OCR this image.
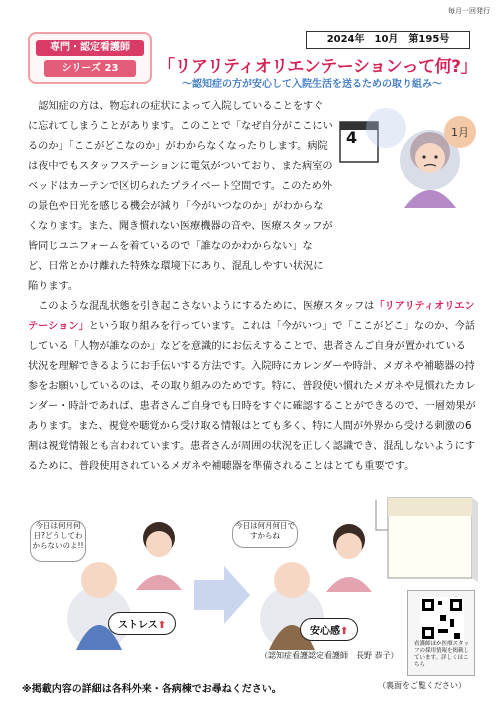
毎月一回発行
専門・認定看護師
シリーズ 23
2024年　10月　第195号
「リアリティオリエンテーションって何?」
～認知症の方が安心して入院生活を送るための取り組み～
4	1月

認知症の方は、物忘れの症状によって入院していることをすぐに忘れてしまうことがあります。このことで「なぜ自分がここにいるのか」「ここがどこなのか」がわからなくなったりします。病院は夜中でもスタッフステーションに電気がついており、また病室のベッドはカーテンで区切られたプライベート空間です。このため外の景色や日光を感じる機会が減り「今がいつなのか」がわからなくなります。また、聞き慣れない医療機器の音や、医療スタッフが皆同じユニフォームを着ているので「誰なのかわからない」など、日常とかけ離れた特殊な環境下にあり、混乱しやすい状況に陥ります。

このような混乱状態を引き起こさないようにするために、医療スタッフは「リアリティオリエンテーション」という取り組みを行っています。これは「今がいつ」で「ここがどこ」なのか、今話している「人物が誰なのか」などを意識的にお伝えすることで、患者さんご自身が置かれている状況を理解できるようにお手伝いする方法です。入院時にカレンダーや時計、メガネや補聴器の持参をお願いしているのは、その取り組みのためです。特に、普段使い慣れたメガネや見慣れたカレンダー・時計であれば、患者さんご自身でも日時をすぐに確認することができるので、一層効果があります。また、視覚や聴覚から受け取る情報はとても多く、特に人間が外界から受ける刺激の6割は視覚情報とも言われています。患者さんが周囲の状況を正しく認識でき、混乱しないようにするために、普段使用されているメガネや補聴器を準備されることはとても重要です。

今日は何月何日?どうしてわからないのよ!!
ストレス⬆
今日は何月何日ですからね
安心感⬆
（認知症看護認定看護師　長野 恭子）
看護師ほか医療スタッフの採用情報を掲載しています。詳しくはこちら
※掲載内容の詳細は各科外来・各病棟でお尋ねください。	（裏面をご覧ください）
